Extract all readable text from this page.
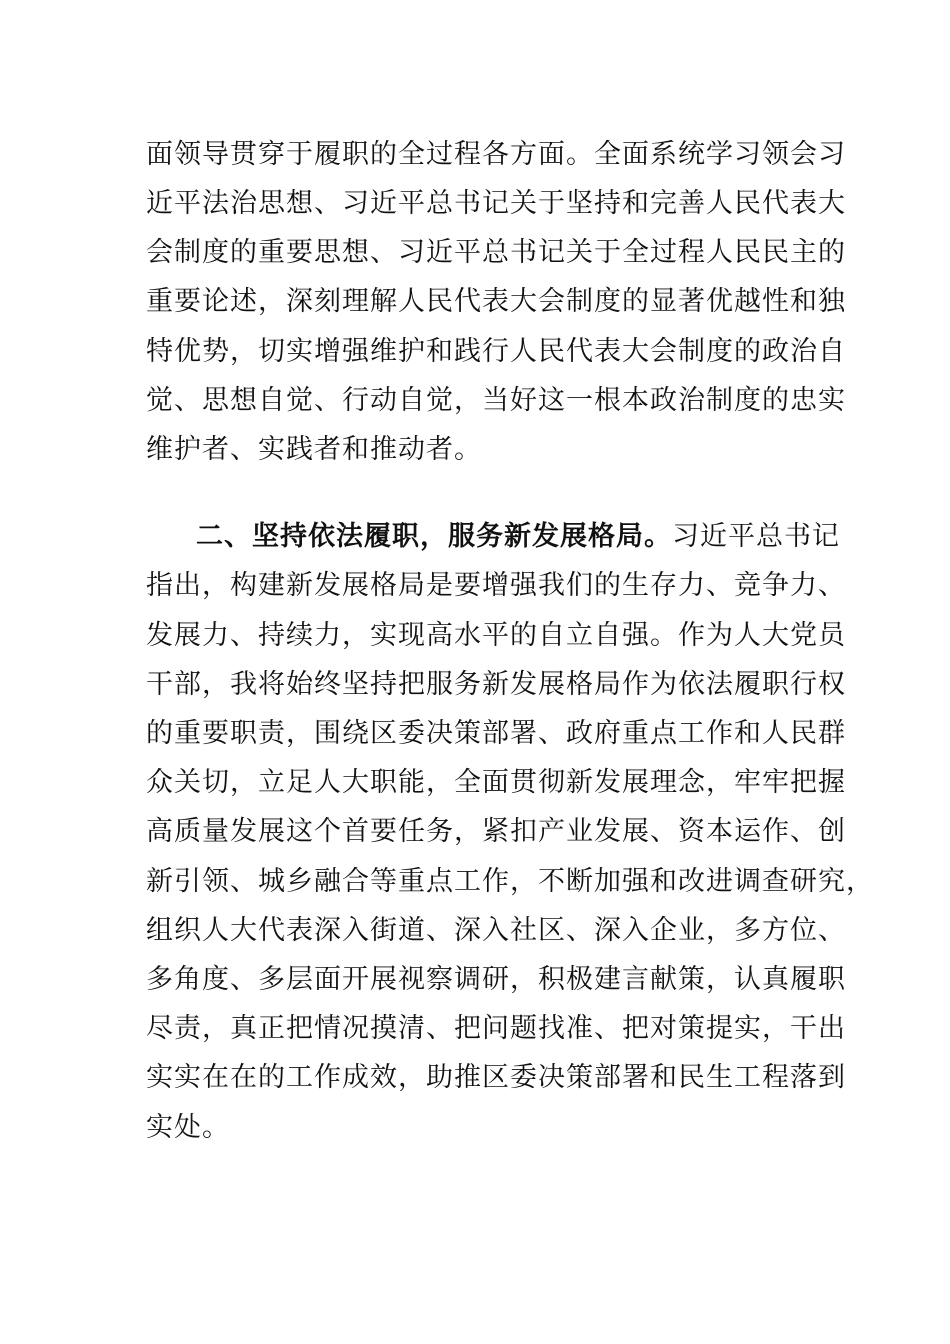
面领导贯穿于履职的全过程各方面。全面系统学习领会习
近平法治思想、习近平总书记关于坚持和完善人民代表大
会制度的重要思想、习近平总书记关于全过程人民民主的
重要论述，深刻理解人民代表大会制度的显著优越性和独
特优势，切实增强维护和践行人民代表大会制度的政治自
觉、思想自觉、行动自觉，当好这一根本政治制度的忠实
维护者、实践者和推动者。
二、坚持依法履职，服务新发展格局。习近平总书记
指出，构建新发展格局是要增强我们的生存力、竞争力、
发展力、持续力，实现高水平的自立自强。作为人大党员
干部，我将始终坚持把服务新发展格局作为依法履职行权
的重要职责，围绕区委决策部署、政府重点工作和人民群
众关切，立足人大职能，全面贯彻新发展理念，牢牢把握
高质量发展这个首要任务，紧扣产业发展、资本运作、创
新引领、城乡融合等重点工作，不断加强和改进调查研究，
组织人大代表深入街道、深入社区、深入企业，多方位、
多角度、多层面开展视察调研，积极建言献策，认真履职
尽责，真正把情况摸清、把问题找准、把对策提实，干出
实实在在的工作成效，助推区委决策部署和民生工程落到
实处。
